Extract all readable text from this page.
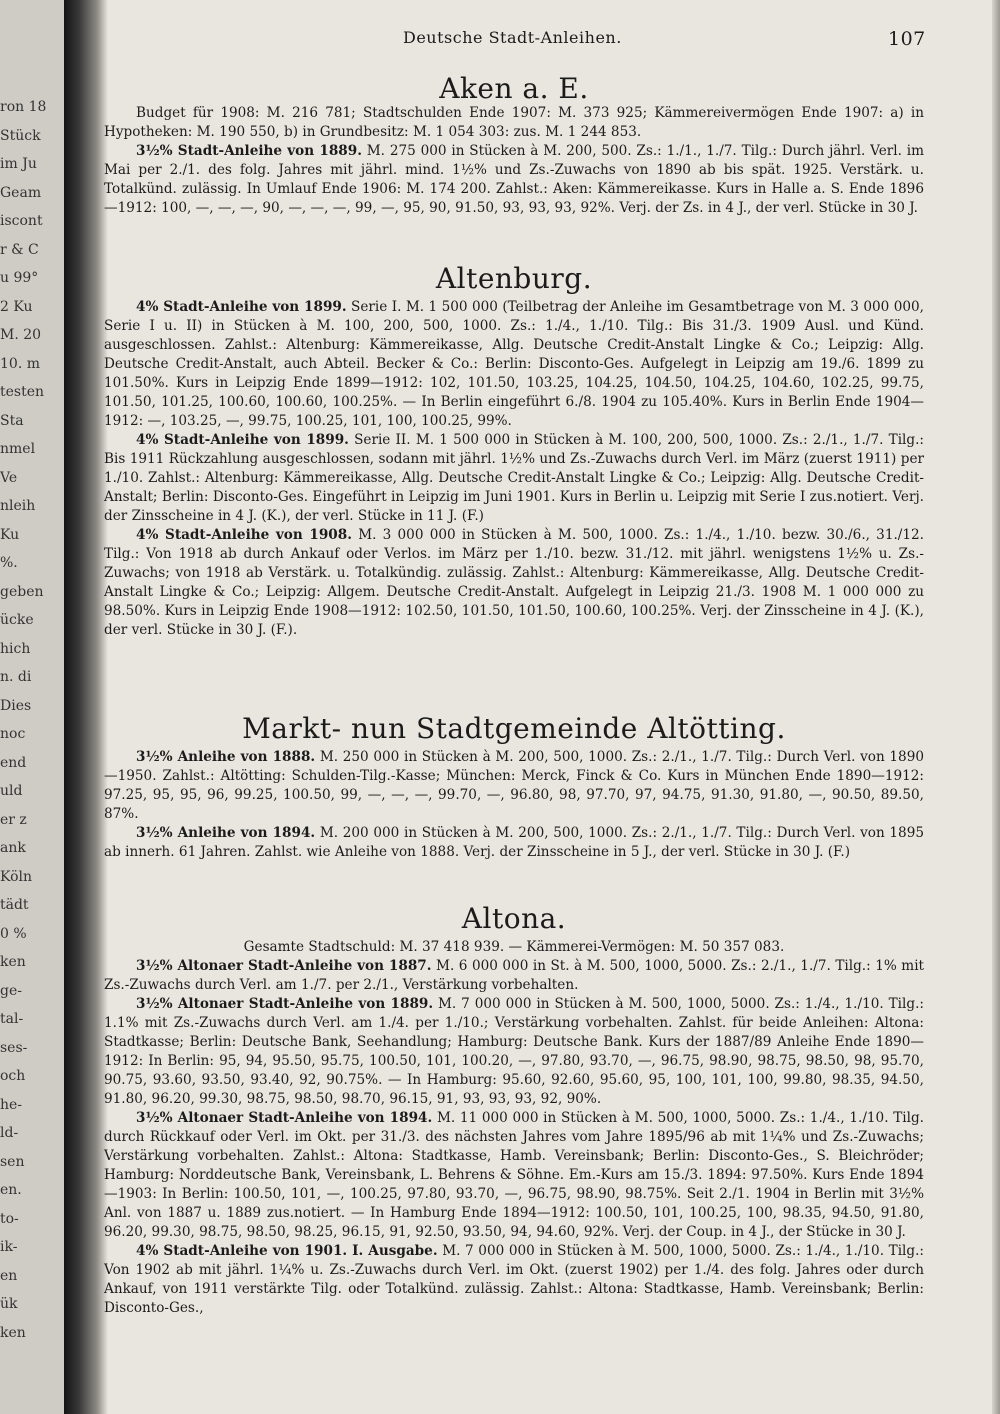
ron 18
Stück
im Ju
Geam
iscont
r & C
u 99°
2 Ku
M. 20
10. m
testen
Sta
nmel
Ve
nleih
Ku
%.
geben
ücke
hich
n. di
Dies
noc
end
uld
er z
ank
Köln
tädt
0 %
ken
ge-
tal-
ses-
och
he-
ld-
sen
en.
to-
ik-
en
ük
ken
Deutsche Stadt-Anleihen.	107
Aken a. E.

Budget für 1908: M. 216 781; Stadtschulden Ende 1907: M. 373 925; Kämmereivermögen Ende 1907: a) in Hypotheken: M. 190 550, b) in Grundbesitz: M. 1 054 303: zus. M. 1 244 853.

3½% Stadt-Anleihe von 1889. M. 275 000 in Stücken à M. 200, 500. Zs.: 1./1., 1./7. Tilg.: Durch jährl. Verl. im Mai per 2./1. des folg. Jahres mit jährl. mind. 1½% und Zs.-Zuwachs von 1890 ab bis spät. 1925. Verstärk. u. Totalkünd. zulässig. In Umlauf Ende 1906: M. 174 200. Zahlst.: Aken: Kämmereikasse. Kurs in Halle a. S. Ende 1896—1912: 100, —, —, —, 90, —, —, —, 99, —, 95, 90, 91.50, 93, 93, 93, 92%. Verj. der Zs. in 4 J., der verl. Stücke in 30 J.

Altenburg.

4% Stadt-Anleihe von 1899. Serie I. M. 1 500 000 (Teilbetrag der Anleihe im Gesamtbetrage von M. 3 000 000, Serie I u. II) in Stücken à M. 100, 200, 500, 1000. Zs.: 1./4., 1./10. Tilg.: Bis 31./3. 1909 Ausl. und Künd. ausgeschlossen. Zahlst.: Altenburg: Kämmereikasse, Allg. Deutsche Credit-Anstalt Lingke & Co.; Leipzig: Allg. Deutsche Credit-Anstalt, auch Abteil. Becker & Co.: Berlin: Disconto-Ges. Aufgelegt in Leipzig am 19./6. 1899 zu 101.50%. Kurs in Leipzig Ende 1899—1912: 102, 101.50, 103.25, 104.25, 104.50, 104.25, 104.60, 102.25, 99.75, 101.50, 101.25, 100.60, 100.60, 100.25%. — In Berlin eingeführt 6./8. 1904 zu 105.40%. Kurs in Berlin Ende 1904—1912: —, 103.25, —, 99.75, 100.25, 101, 100, 100.25, 99%.

4% Stadt-Anleihe von 1899. Serie II. M. 1 500 000 in Stücken à M. 100, 200, 500, 1000. Zs.: 2./1., 1./7. Tilg.: Bis 1911 Rückzahlung ausgeschlossen, sodann mit jährl. 1½% und Zs.-Zuwachs durch Verl. im März (zuerst 1911) per 1./10. Zahlst.: Altenburg: Kämmereikasse, Allg. Deutsche Credit-Anstalt Lingke & Co.; Leipzig: Allg. Deutsche Credit-Anstalt; Berlin: Disconto-Ges. Eingeführt in Leipzig im Juni 1901. Kurs in Berlin u. Leipzig mit Serie I zus.notiert. Verj. der Zinsscheine in 4 J. (K.), der verl. Stücke in 11 J. (F.)

4% Stadt-Anleihe von 1908. M. 3 000 000 in Stücken à M. 500, 1000. Zs.: 1./4., 1./10. bezw. 30./6., 31./12. Tilg.: Von 1918 ab durch Ankauf oder Verlos. im März per 1./10. bezw. 31./12. mit jährl. wenigstens 1½% u. Zs.-Zuwachs; von 1918 ab Verstärk. u. Totalkündig. zulässig. Zahlst.: Altenburg: Kämmereikasse, Allg. Deutsche Credit-Anstalt Lingke & Co.; Leipzig: Allgem. Deutsche Credit-Anstalt. Aufgelegt in Leipzig 21./3. 1908 M. 1 000 000 zu 98.50%. Kurs in Leipzig Ende 1908—1912: 102.50, 101.50, 101.50, 100.60, 100.25%. Verj. der Zinsscheine in 4 J. (K.), der verl. Stücke in 30 J. (F.).

Markt- nun Stadtgemeinde Altötting.

3½% Anleihe von 1888. M. 250 000 in Stücken à M. 200, 500, 1000. Zs.: 2./1., 1./7. Tilg.: Durch Verl. von 1890—1950. Zahlst.: Altötting: Schulden-Tilg.-Kasse; München: Merck, Finck & Co. Kurs in München Ende 1890—1912: 97.25, 95, 95, 96, 99.25, 100.50, 99, —, —, —, 99.70, —, 96.80, 98, 97.70, 97, 94.75, 91.30, 91.80, —, 90.50, 89.50, 87%.

3½% Anleihe von 1894. M. 200 000 in Stücken à M. 200, 500, 1000. Zs.: 2./1., 1./7. Tilg.: Durch Verl. von 1895 ab innerh. 61 Jahren. Zahlst. wie Anleihe von 1888. Verj. der Zinsscheine in 5 J., der verl. Stücke in 30 J. (F.)

Altona.

Gesamte Stadtschuld: M. 37 418 939. — Kämmerei-Vermögen: M. 50 357 083.

3½% Altonaer Stadt-Anleihe von 1887. M. 6 000 000 in St. à M. 500, 1000, 5000. Zs.: 2./1., 1./7. Tilg.: 1% mit Zs.-Zuwachs durch Verl. am 1./7. per 2./1., Verstärkung vorbehalten.

3½% Altonaer Stadt-Anleihe von 1889. M. 7 000 000 in Stücken à M. 500, 1000, 5000. Zs.: 1./4., 1./10. Tilg.: 1.1% mit Zs.-Zuwachs durch Verl. am 1./4. per 1./10.; Verstärkung vorbehalten. Zahlst. für beide Anleihen: Altona: Stadtkasse; Berlin: Deutsche Bank, Seehandlung; Hamburg: Deutsche Bank. Kurs der 1887/89 Anleihe Ende 1890—1912: In Berlin: 95, 94, 95.50, 95.75, 100.50, 101, 100.20, —, 97.80, 93.70, —, 96.75, 98.90, 98.75, 98.50, 98, 95.70, 90.75, 93.60, 93.50, 93.40, 92, 90.75%. — In Hamburg: 95.60, 92.60, 95.60, 95, 100, 101, 100, 99.80, 98.35, 94.50, 91.80, 96.20, 99.30, 98.75, 98.50, 98.70, 96.15, 91, 93, 93, 93, 92, 90%.

3½% Altonaer Stadt-Anleihe von 1894. M. 11 000 000 in Stücken à M. 500, 1000, 5000. Zs.: 1./4., 1./10. Tilg. durch Rückkauf oder Verl. im Okt. per 31./3. des nächsten Jahres vom Jahre 1895/96 ab mit 1¼% und Zs.-Zuwachs; Verstärkung vorbehalten. Zahlst.: Altona: Stadtkasse, Hamb. Vereinsbank; Berlin: Disconto-Ges., S. Bleichröder; Hamburg: Norddeutsche Bank, Vereinsbank, L. Behrens & Söhne. Em.-Kurs am 15./3. 1894: 97.50%. Kurs Ende 1894—1903: In Berlin: 100.50, 101, —, 100.25, 97.80, 93.70, —, 96.75, 98.90, 98.75%. Seit 2./1. 1904 in Berlin mit 3½% Anl. von 1887 u. 1889 zus.notiert. — In Hamburg Ende 1894—1912: 100.50, 101, 100.25, 100, 98.35, 94.50, 91.80, 96.20, 99.30, 98.75, 98.50, 98.25, 96.15, 91, 92.50, 93.50, 94, 94.60, 92%. Verj. der Coup. in 4 J., der Stücke in 30 J.

4% Stadt-Anleihe von 1901. I. Ausgabe. M. 7 000 000 in Stücken à M. 500, 1000, 5000. Zs.: 1./4., 1./10. Tilg.: Von 1902 ab mit jährl. 1¼% u. Zs.-Zuwachs durch Verl. im Okt. (zuerst 1902) per 1./4. des folg. Jahres oder durch Ankauf, von 1911 verstärkte Tilg. oder Totalkünd. zulässig. Zahlst.: Altona: Stadtkasse, Hamb. Vereinsbank; Berlin: Disconto-Ges.,
